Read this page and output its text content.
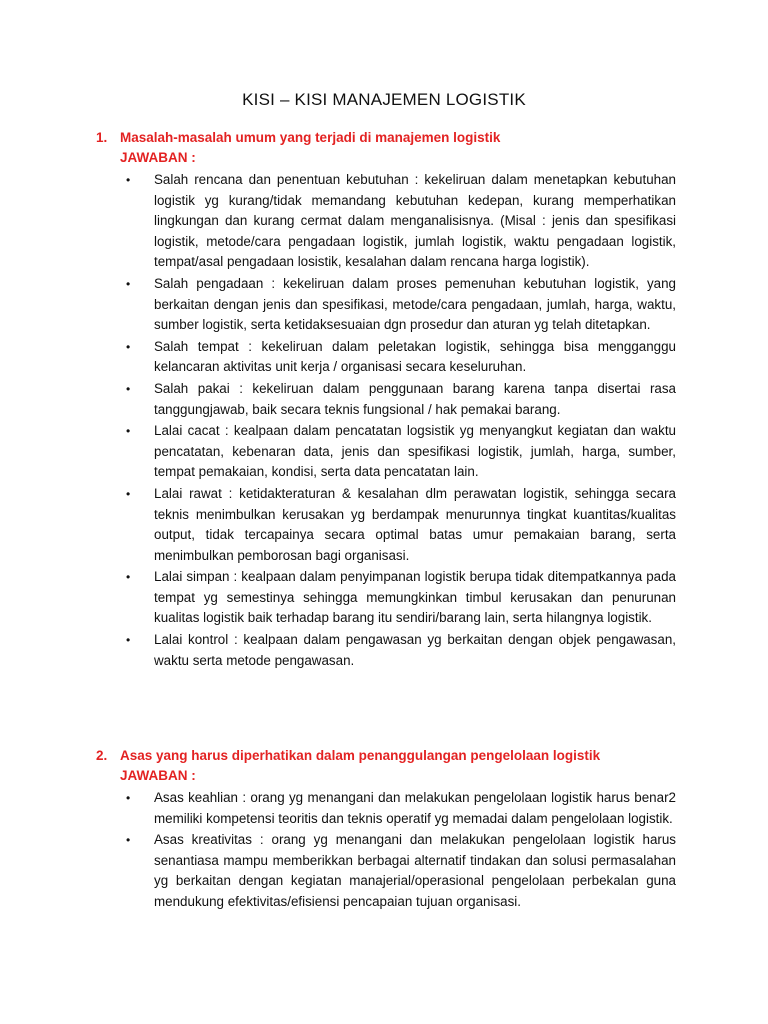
KISI – KISI MANAJEMEN LOGISTIK
1. Masalah-masalah umum yang terjadi di manajemen logistik
JAWABAN :
•	Salah rencana dan penentuan kebutuhan : kekeliruan dalam menetapkan kebutuhan logistik yg kurang/tidak memandang kebutuhan kedepan, kurang memperhatikan lingkungan dan kurang cermat dalam menganalisisnya. (Misal : jenis dan spesifikasi logistik, metode/cara pengadaan logistik, jumlah logistik, waktu pengadaan logistik, tempat/asal pengadaan losistik, kesalahan dalam rencana harga logistik).
•	Salah pengadaan : kekeliruan dalam proses pemenuhan kebutuhan logistik, yang berkaitan dengan jenis dan spesifikasi, metode/cara pengadaan, jumlah, harga, waktu, sumber logistik, serta ketidaksesuaian dgn prosedur dan aturan yg telah ditetapkan.
•	Salah tempat : kekeliruan dalam peletakan logistik, sehingga bisa mengganggu kelancaran aktivitas unit kerja / organisasi secara keseluruhan.
•	Salah pakai : kekeliruan dalam penggunaan barang karena tanpa disertai rasa tanggungjawab, baik secara teknis fungsional / hak pemakai barang.
•	Lalai cacat : kealpaan dalam pencatatan logsistik yg menyangkut kegiatan dan waktu pencatatan, kebenaran data, jenis dan spesifikasi logistik, jumlah, harga, sumber, tempat pemakaian, kondisi, serta data pencatatan lain.
•	Lalai rawat : ketidakteraturan & kesalahan dlm perawatan logistik, sehingga secara teknis menimbulkan kerusakan yg berdampak menurunnya tingkat kuantitas/kualitas output, tidak tercapainya secara optimal batas umur pemakaian barang, serta menimbulkan pemborosan bagi organisasi.
•	Lalai simpan : kealpaan dalam penyimpanan logistik berupa tidak ditempatkannya pada tempat yg semestinya sehingga memungkinkan timbul kerusakan dan penurunan kualitas logistik baik terhadap barang itu sendiri/barang lain, serta hilangnya logistik.
•	Lalai kontrol : kealpaan dalam pengawasan yg berkaitan dengan objek pengawasan, waktu serta metode pengawasan.
2. Asas yang harus diperhatikan dalam penanggulangan pengelolaan logistik
JAWABAN :
•	Asas keahlian : orang yg menangani dan melakukan pengelolaan logistik harus benar2 memiliki kompetensi teoritis dan teknis operatif yg memadai dalam pengelolaan logistik.
•	Asas kreativitas : orang yg menangani dan melakukan pengelolaan logistik harus senantiasa mampu memberikkan berbagai alternatif tindakan dan solusi permasalahan yg berkaitan dengan kegiatan manajerial/operasional pengelolaan perbekalan guna mendukung efektivitas/efisiensi pencapaian tujuan organisasi.
